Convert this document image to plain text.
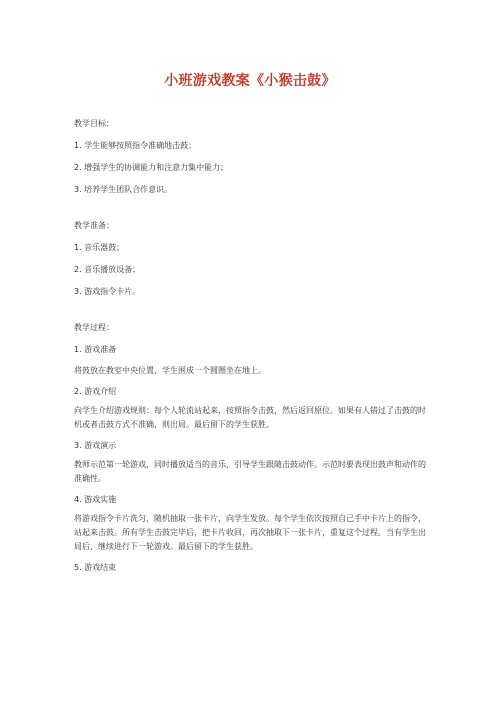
小班游戏教案《小猴击鼓》

教学目标：

1. 学生能够按照指令准确地击鼓；

2. 增强学生的协调能力和注意力集中能力；

3. 培养学生团队合作意识。

教学准备：

1. 音乐器鼓；

2. 音乐播放设备；

3. 游戏指令卡片。

教学过程：

1. 游戏准备

将鼓放在教室中央位置，学生围成一个圆圈坐在地上。

2. 游戏介绍

向学生介绍游戏规则：每个人轮流站起来，按照指令击鼓，然后返回原位。如果有人错过了击鼓的时机或者击鼓方式不准确，则出局。最后留下的学生获胜。

3. 游戏演示

教师示范第一轮游戏，同时播放适当的音乐，引导学生跟随击鼓动作。示范时要表现出鼓声和动作的准确性。

4. 游戏实施

将游戏指令卡片洗匀，随机抽取一张卡片，向学生发放。每个学生依次按照自己手中卡片上的指令，站起来击鼓。所有学生击鼓完毕后，把卡片收回，再次抽取下一张卡片，重复这个过程。当有学生出局后，继续进行下一轮游戏。最后留下的学生获胜。

5. 游戏结束
